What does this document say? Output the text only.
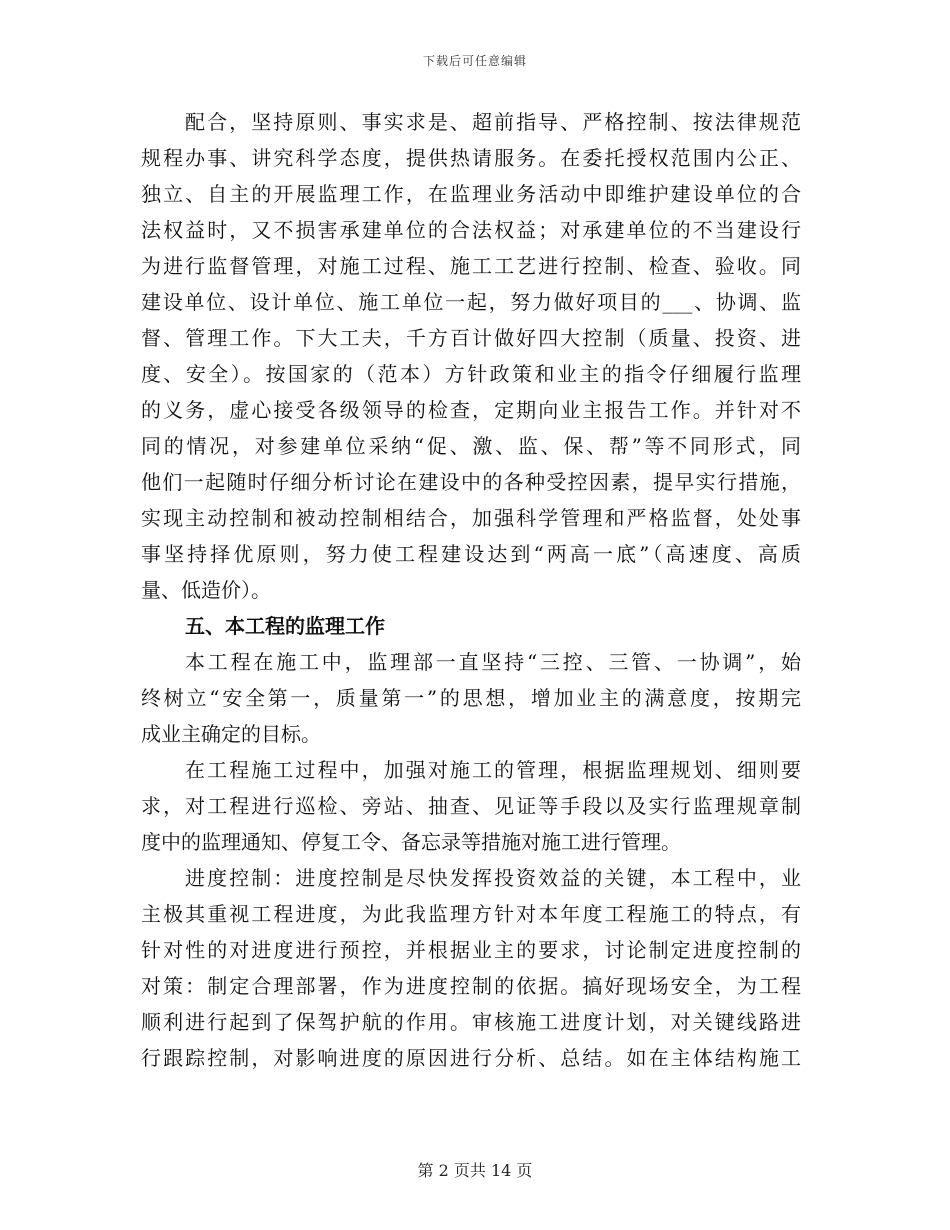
下载后可任意编辑
配合，坚持原则、事实求是、超前指导、严格控制、按法律规范
规程办事、讲究科学态度，提供热请服务。在委托授权范围内公正、
独立、自主的开展监理工作，在监理业务活动中即维护建设单位的合
法权益时，又不损害承建单位的合法权益；对承建单位的不当建设行
为进行监督管理，对施工过程、施工工艺进行控制、检查、验收。同
建设单位、设计单位、施工单位一起，努力做好项目的___、协调、监
督、管理工作。下大工夫，千方百计做好四大控制（质量、投资、进
度、安全）。按国家的（范本）方针政策和业主的指令仔细履行监理
的义务，虚心接受各级领导的检查，定期向业主报告工作。并针对不
同的情况，对参建单位采纳“促、激、监、保、帮”等不同形式，同
他们一起随时仔细分析讨论在建设中的各种受控因素，提早实行措施，
实现主动控制和被动控制相结合，加强科学管理和严格监督，处处事
事坚持择优原则，努力使工程建设达到“两高一底”（高速度、高质
量、低造价）。
五、本工程的监理工作
本工程在施工中，监理部一直坚持“三控、三管、一协调”，始
终树立“安全第一，质量第一”的思想，增加业主的满意度，按期完
成业主确定的目标。
在工程施工过程中，加强对施工的管理，根据监理规划、细则要
求，对工程进行巡检、旁站、抽查、见证等手段以及实行监理规章制
度中的监理通知、停复工令、备忘录等措施对施工进行管理。
进度控制：进度控制是尽快发挥投资效益的关键，本工程中，业
主极其重视工程进度，为此我监理方针对本年度工程施工的特点，有
针对性的对进度进行预控，并根据业主的要求，讨论制定进度控制的
对策：制定合理部署，作为进度控制的依据。搞好现场安全，为工程
顺利进行起到了保驾护航的作用。审核施工进度计划，对关键线路进
行跟踪控制，对影响进度的原因进行分析、总结。如在主体结构施工
第 2 页共 14 页
